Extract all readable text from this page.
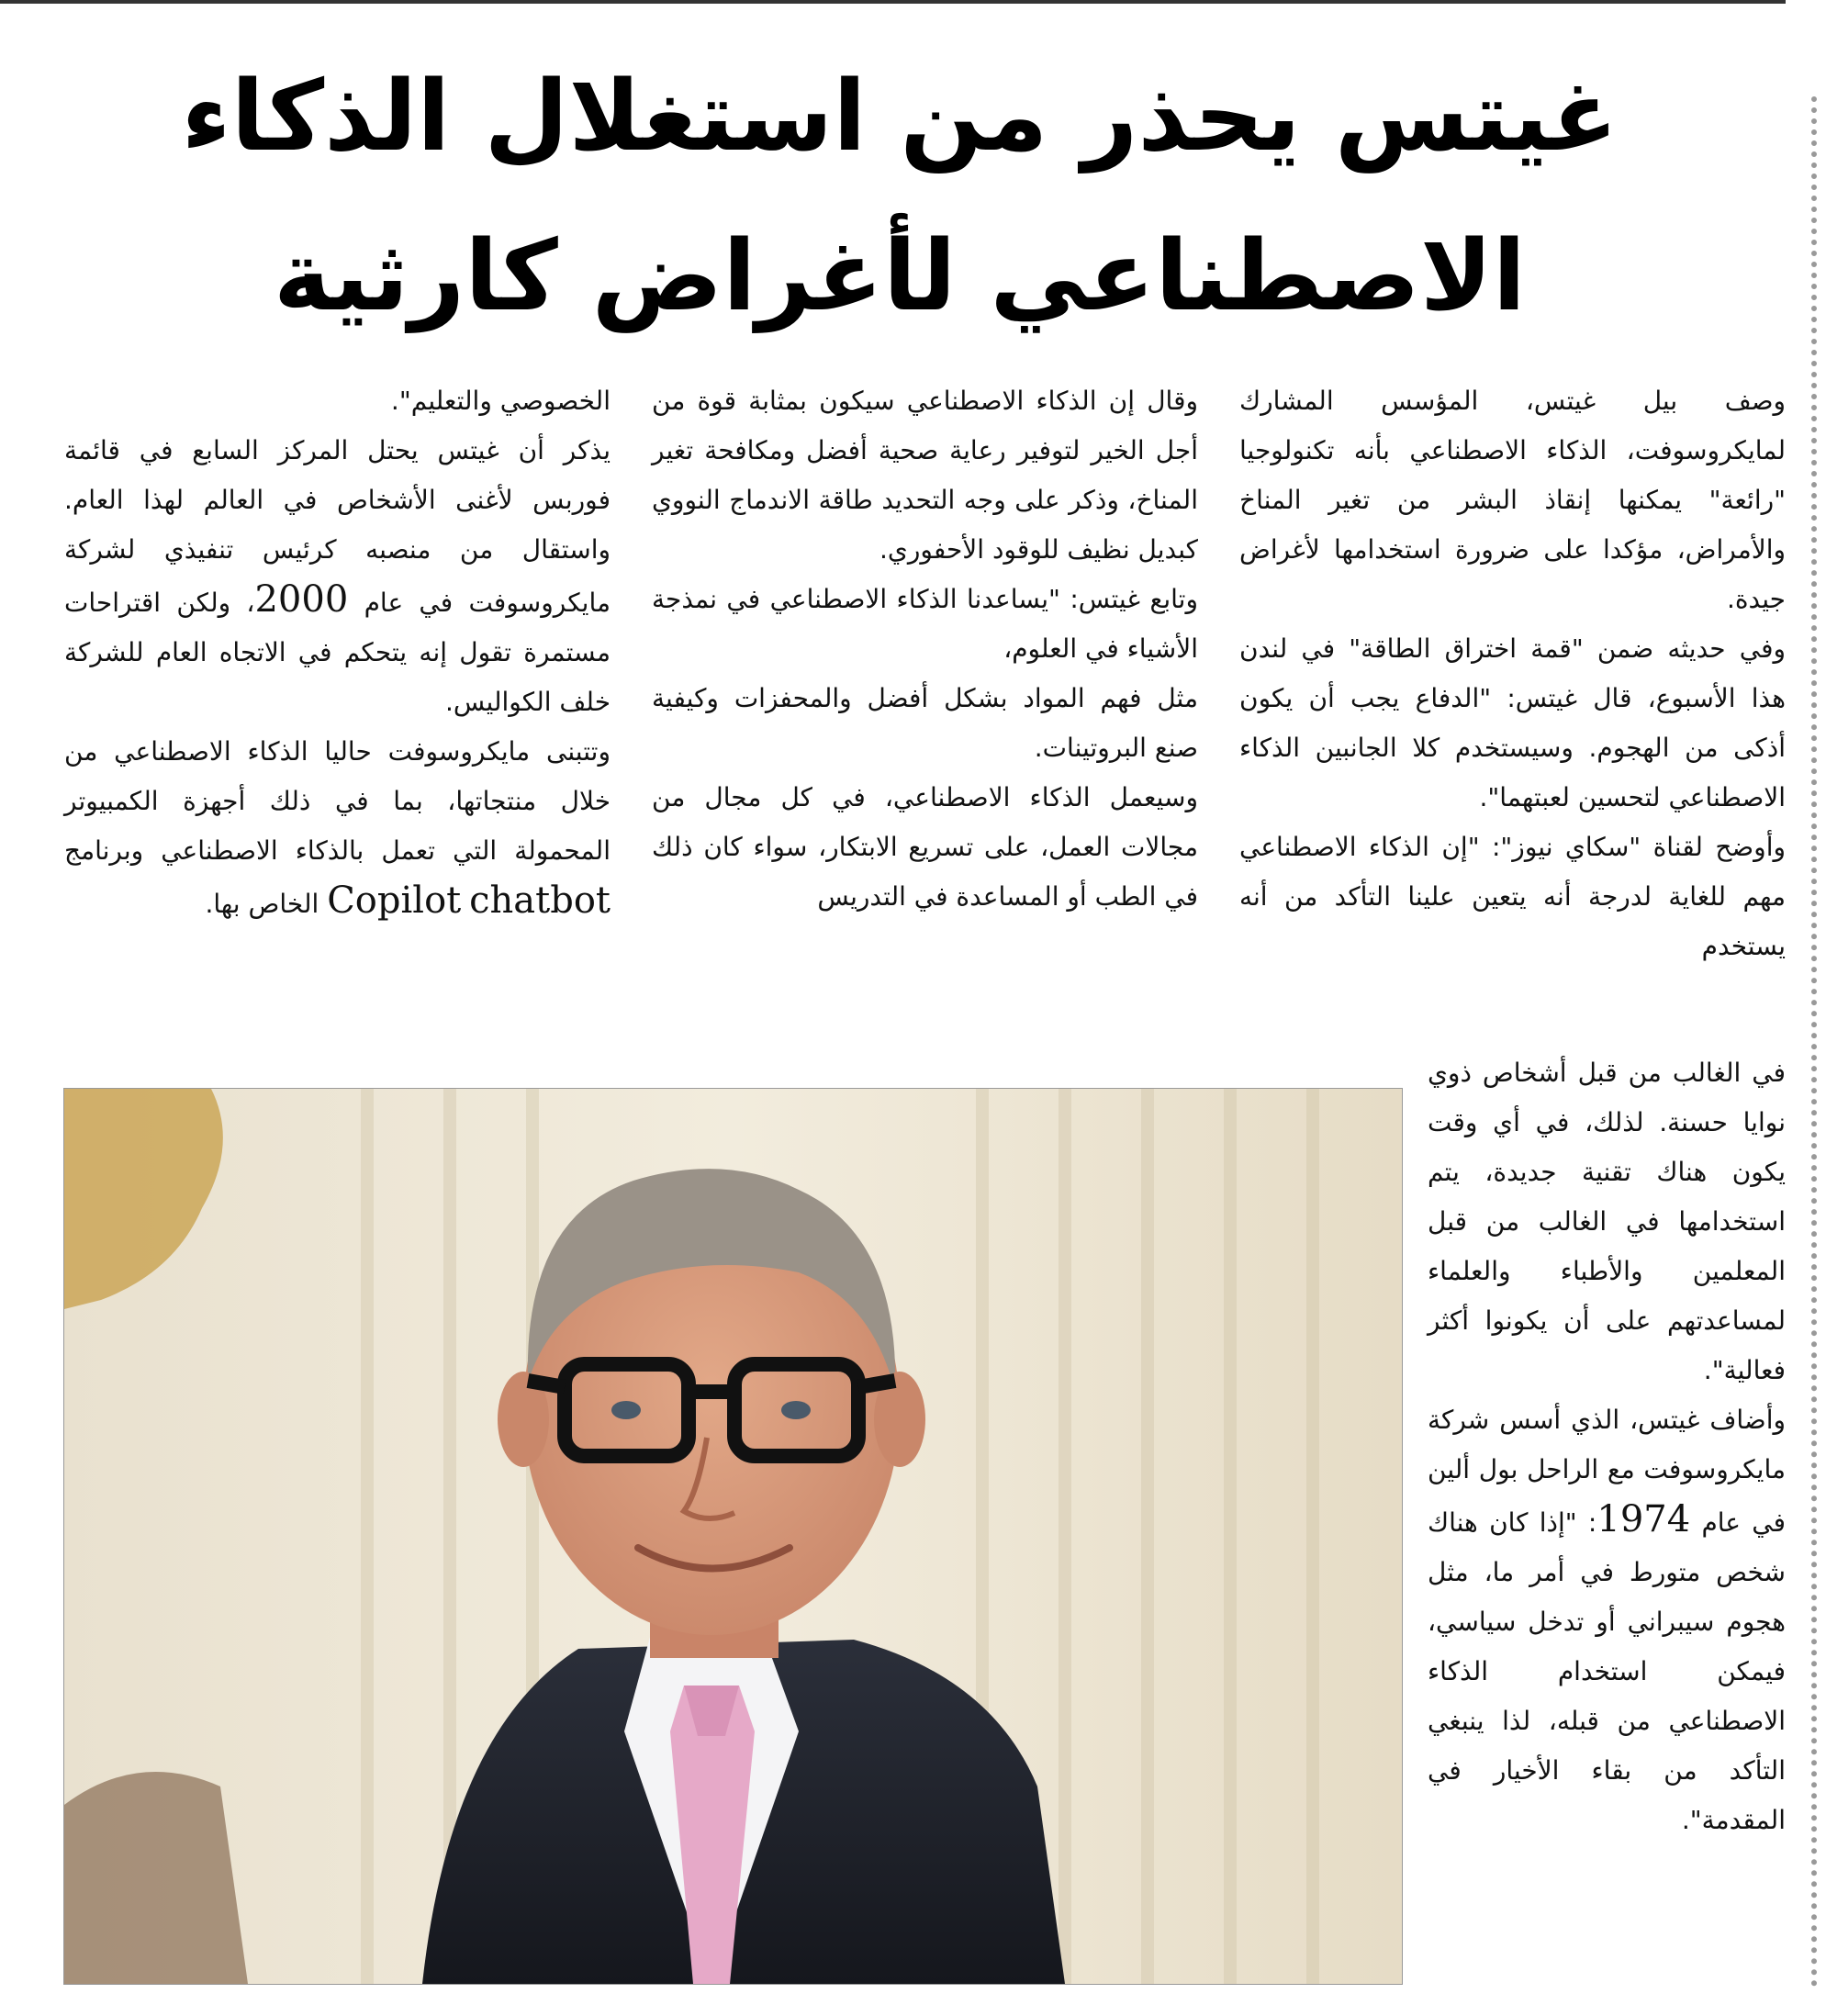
غيتس يحذر من استغلال الذكاء
الاصطناعي لأغراض كارثية

وصف بيل غيتس، المؤسس المشارك لمايكروسوفت، الذكاء الاصطناعي بأنه تكنولوجيا "رائعة" يمكنها إنقاذ البشر من تغير المناخ والأمراض، مؤكدا على ضرورة استخدامها لأغراض جيدة.

وفي حديثه ضمن "قمة اختراق الطاقة" في لندن هذا الأسبوع، قال غيتس: "الدفاع يجب أن يكون أذكى من الهجوم. وسيستخدم كلا الجانبين الذكاء الاصطناعي لتحسين لعبتهما".

وأوضح لقناة "سكاي نيوز": "إن الذكاء الاصطناعي مهم للغاية لدرجة أنه يتعين علينا التأكد من أنه يستخدم

في الغالب من قبل أشخاص ذوي نوايا حسنة. لذلك، في أي وقت يكون هناك تقنية جديدة، يتم استخدامها في الغالب من قبل المعلمين والأطباء والعلماء لمساعدتهم على أن يكونوا أكثر فعالية".

وأضاف غيتس، الذي أسس شركة مايكروسوفت مع الراحل بول ألين في عام 1974: "إذا كان هناك شخص متورط في أمر ما، مثل هجوم سيبراني أو تدخل سياسي، فيمكن استخدام الذكاء الاصطناعي من قبله، لذا ينبغي التأكد من بقاء الأخيار في المقدمة".

وقال إن الذكاء الاصطناعي سيكون بمثابة قوة من أجل الخير لتوفير رعاية صحية أفضل ومكافحة تغير المناخ، وذكر على وجه التحديد طاقة الاندماج النووي كبديل نظيف للوقود الأحفوري.

وتابع غيتس: "يساعدنا الذكاء الاصطناعي في نمذجة الأشياء في العلوم،

مثل فهم المواد بشكل أفضل والمحفزات وكيفية صنع البروتينات.

وسيعمل الذكاء الاصطناعي، في كل مجال من مجالات العمل، على تسريع الابتكار، سواء كان ذلك في الطب أو المساعدة في التدريس

الخصوصي والتعليم".

يذكر أن غيتس يحتل المركز السابع في قائمة فوربس لأغنى الأشخاص في العالم لهذا العام. واستقال من منصبه كرئيس تنفيذي لشركة مايكروسوفت في عام 2000، ولكن اقتراحات مستمرة تقول إنه يتحكم في الاتجاه العام للشركة خلف الكواليس.

وتتبنى مايكروسوفت حاليا الذكاء الاصطناعي من خلال منتجاتها، بما في ذلك أجهزة الكمبيوتر المحمولة التي تعمل بالذكاء الاصطناعي وبرنامج Copilot chatbot الخاص بها.
